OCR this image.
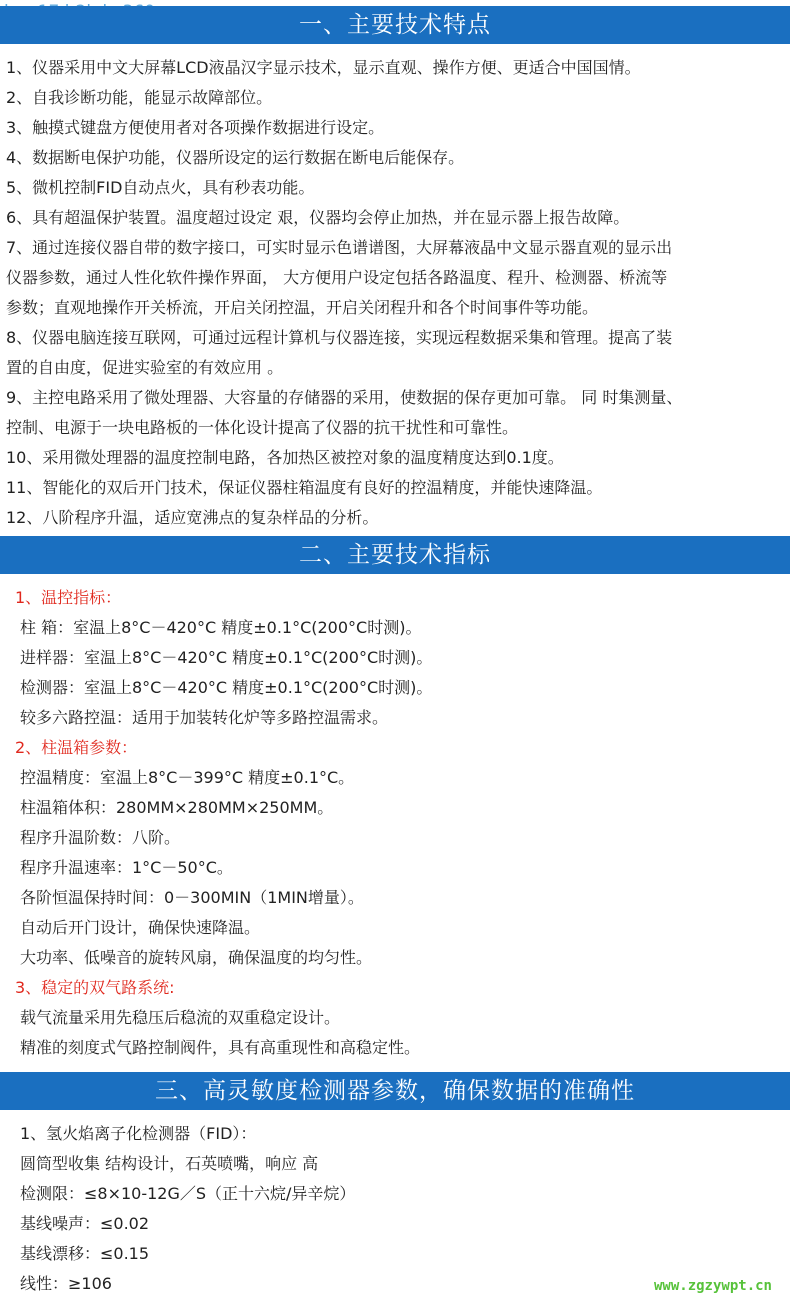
一、主要技术特点
1、仪器采用中文大屏幕LCD液晶汉字显示技术，显示直观、操作方便、更适合中国国情。
2、自我诊断功能，能显示故障部位。
3、触摸式键盘方便使用者对各项操作数据进行设定。
4、数据断电保护功能，仪器所设定的运行数据在断电后能保存。
5、微机控制FID自动点火，具有秒表功能。
6、具有超温保护装置。温度超过设定 艰，仪器均会停止加热，并在显示器上报告故障。
7、通过连接仪器自带的数字接口，可实时显示色谱谱图，大屏幕液晶中文显示器直观的显示出
仪器参数，通过人性化软件操作界面， 大方便用户设定包括各路温度、程升、检测器、桥流等
参数；直观地操作开关桥流，开启关闭控温，开启关闭程升和各个时间事件等功能。
8、仪器电脑连接互联网，可通过远程计算机与仪器连接，实现远程数据采集和管理。提高了装
置的自由度，促进实验室的有效应用 。
9、主控电路采用了微处理器、大容量的存储器的采用，使数据的保存更加可靠。 同 时集测量、
控制、电源于一块电路板的一体化设计提高了仪器的抗干扰性和可靠性。
10、采用微处理器的温度控制电路，各加热区被控对象的温度精度达到0.1度。
11、智能化的双后开门技术，保证仪器柱箱温度有良好的控温精度，并能快速降温。
12、八阶程序升温，适应宽沸点的复杂样品的分析。
二、主要技术指标
1、温控指标：
柱 箱：室温上8°C－420°C 精度±0.1°C(200°C时测)。
进样器：室温上8°C－420°C 精度±0.1°C(200°C时测)。
检测器：室温上8°C－420°C 精度±0.1°C(200°C时测)。
较多六路控温：适用于加装转化炉等多路控温需求。
2、柱温箱参数：
控温精度：室温上8°C－399°C 精度±0.1°C。
柱温箱体积：280MM×280MM×250MM。
程序升温阶数：八阶。
程序升温速率：1°C－50°C。
各阶恒温保持时间：0－300MIN（1MIN增量）。
自动后开门设计，确保快速降温。
大功率、低噪音的旋转风扇，确保温度的均匀性。
3、稳定的双气路系统:
载气流量采用先稳压后稳流的双重稳定设计。
精准的刻度式气路控制阀件，具有高重现性和高稳定性。
三、高灵敏度检测器参数，确保数据的准确性
1、氢火焰离子化检测器（FID）：
圆筒型收集 结构设计，石英喷嘴，响应 高
检测限：≤8×10-12G／S（正十六烷/异辛烷）
基线噪声：≤0.02
基线漂移：≤0.15
线性：≥106	www.zgzywpt.cn
